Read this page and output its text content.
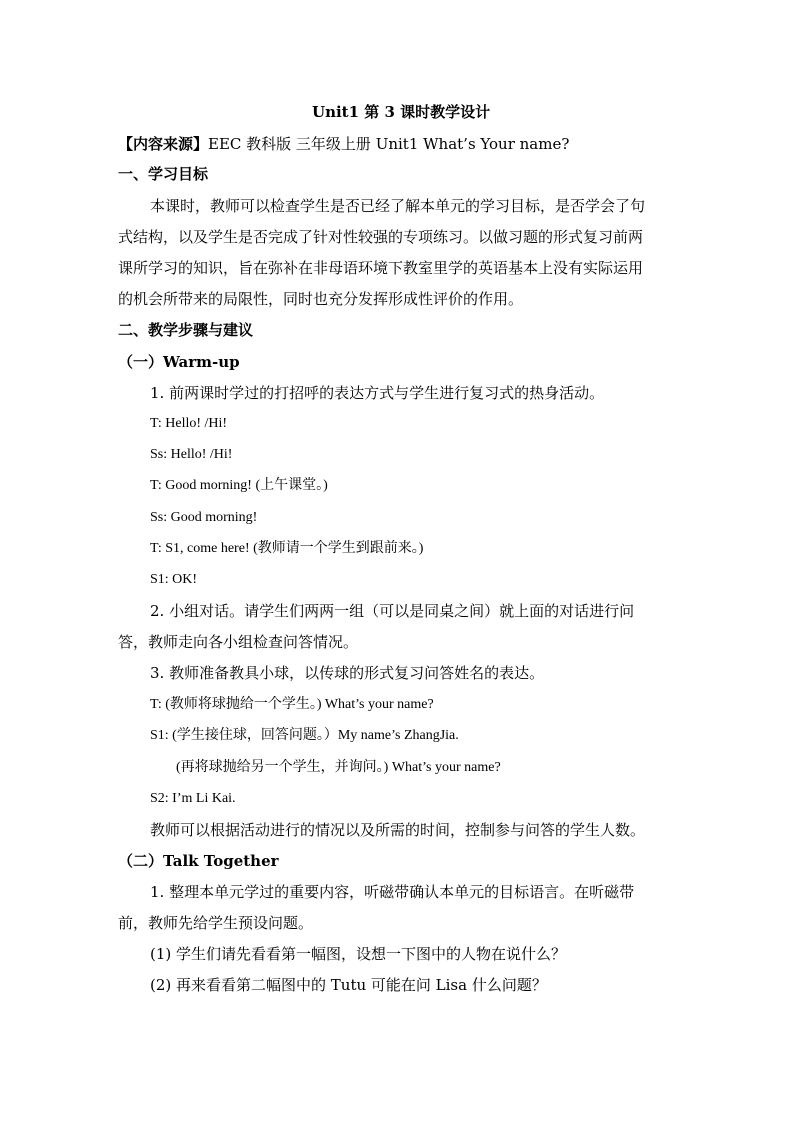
Unit1 第 3 课时教学设计
【内容来源】EEC 教科版 三年级上册 Unit1 What’s Your name?
一、学习目标
本课时，教师可以检查学生是否已经了解本单元的学习目标，是否学会了句
式结构，以及学生是否完成了针对性较强的专项练习。以做习题的形式复习前两
课所学习的知识，旨在弥补在非母语环境下教室里学的英语基本上没有实际运用
的机会所带来的局限性，同时也充分发挥形成性评价的作用。
二、教学步骤与建议
（一）Warm-up
1. 前两课时学过的打招呼的表达方式与学生进行复习式的热身活动。
T: Hello! /Hi!
Ss: Hello! /Hi!
T: Good morning! (上午课堂。)
Ss: Good morning!
T: S1, come here! (教师请一个学生到跟前来。)
S1: OK!
2. 小组对话。请学生们两两一组（可以是同桌之间）就上面的对话进行问
答，教师走向各小组检查问答情况。
3. 教师准备教具小球，以传球的形式复习问答姓名的表达。
T: (教师将球抛给一个学生。) What’s your name?
S1: (学生接住球，回答问题。）My name’s ZhangJia.
(再将球抛给另一个学生，并询问。) What’s your name?
S2: I’m Li Kai.
教师可以根据活动进行的情况以及所需的时间，控制参与问答的学生人数。
（二）Talk Together
1. 整理本单元学过的重要内容，听磁带确认本单元的目标语言。在听磁带
前，教师先给学生预设问题。
(1) 学生们请先看看第一幅图，设想一下图中的人物在说什么？
(2) 再来看看第二幅图中的 Tutu 可能在问 Lisa 什么问题？
